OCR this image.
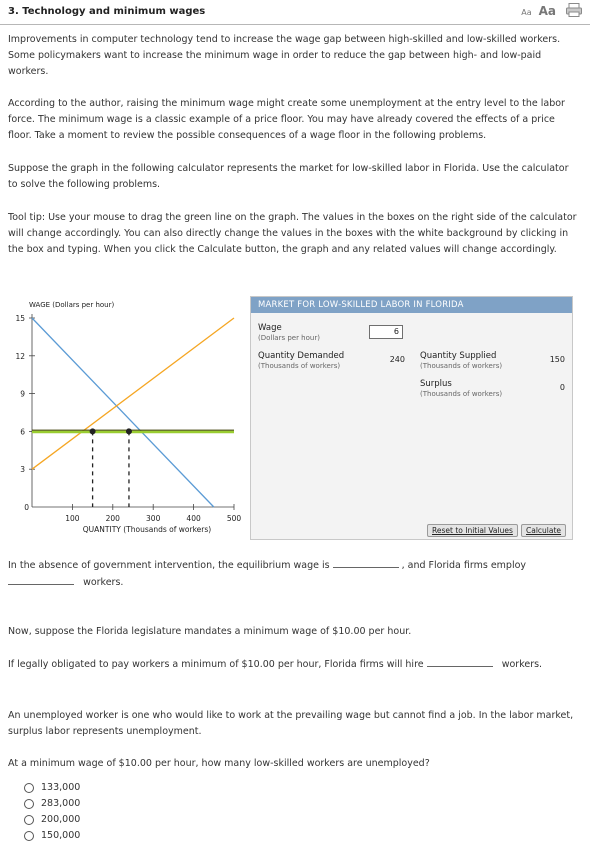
3. Technology and minimum wages	Aa Aa
Improvements in computer technology tend to increase the wage gap between high-skilled and low-skilled workers. Some policymakers want to increase the minimum wage in order to reduce the gap between high- and low-paid workers.
According to the author, raising the minimum wage might create some unemployment at the entry level to the labor force. The minimum wage is a classic example of a price floor. You may have already covered the effects of a price floor. Take a moment to review the possible consequences of a wage floor in the following problems.
Suppose the graph in the following calculator represents the market for low-skilled labor in Florida. Use the calculator to solve the following problems.
Tool tip: Use your mouse to drag the green line on the graph. The values in the boxes on the right side of the calculator will change accordingly. You can also directly change the values in the boxes with the white background by clicking in the box and typing. When you click the Calculate button, the graph and any related values will change accordingly.
WAGE (Dollars per hour)
0
3
6
9
12
15
100	200	300	400	500
QUANTITY (Thousands of workers)
MARKET FOR LOW-SKILLED LABOR IN FLORIDA
Wage
(Dollars per hour)
6
Quantity Demanded
(Thousands of workers)
240 Quantity Supplied
(Thousands of workers)
150
Surplus
(Thousands of workers)
0
Reset to Initial Values	Calculate
In the absence of government intervention, the equilibrium wage is	, and Florida firms employ
workers.
Now, suppose the Florida legislature mandates a minimum wage of $10.00 per hour.
If legally obligated to pay workers a minimum of $10.00 per hour, Florida firms will hire	workers.
An unemployed worker is one who would like to work at the prevailing wage but cannot find a job. In the labor market, surplus labor represents unemployment.
At a minimum wage of $10.00 per hour, how many low-skilled workers are unemployed?
133,000
283,000
200,000
150,000
